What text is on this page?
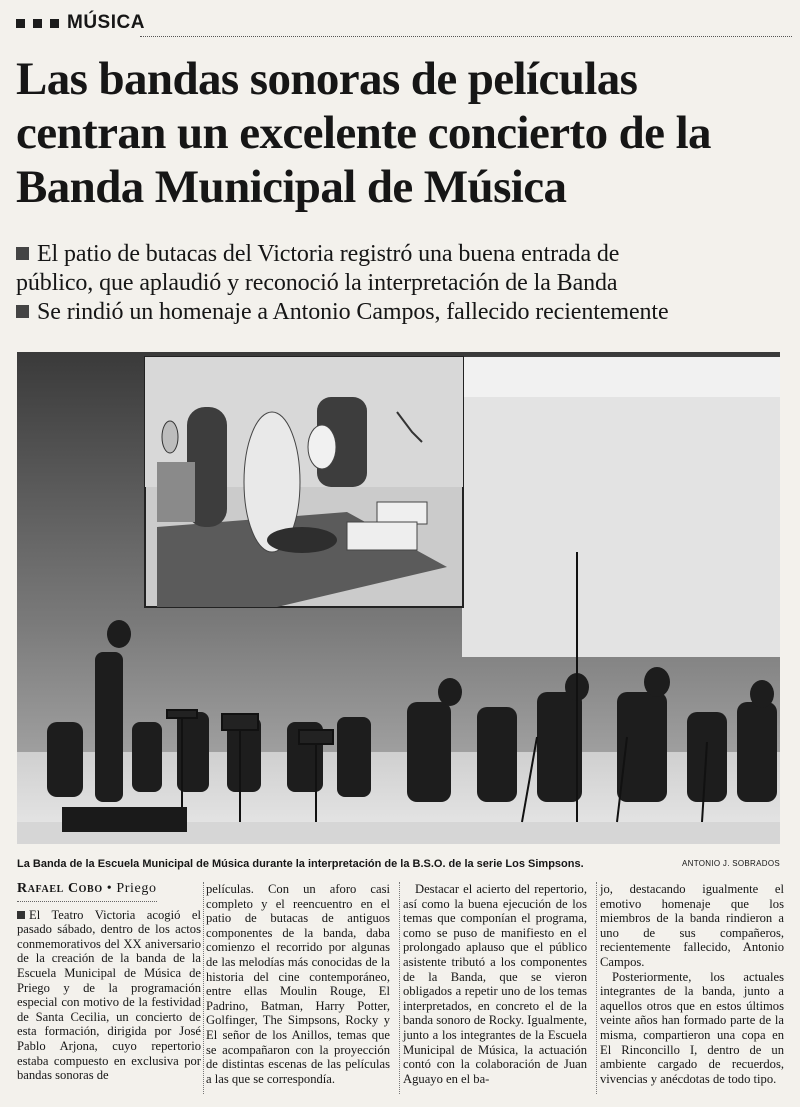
MÚSICA
Las bandas sonoras de películas
centran un excelente concierto de la
Banda Municipal de Música

El patio de butacas del Victoria registró una buena entrada de

público, que aplaudió y reconoció la interpretación de la Banda

Se rindió un homenaje a Antonio Campos, fallecido recientemente

La Banda de la Escuela Municipal de Música durante la interpretación de la B.S.O. de la serie Los Simpsons.	ANTONIO J. SOBRADOS
Rafael Cobo • Priego

El Teatro Victoria acogió el pasado sábado, dentro de los actos conmemorativos del XX aniversario de la creación de la banda de la Escuela Municipal de Música de Priego y de la programación especial con motivo de la festividad de Santa Cecilia, un concierto de esta formación, dirigida por José Pablo Arjona, cuyo repertorio estaba compuesto en exclusiva por bandas sonoras de

películas. Con un aforo casi completo y el reencuentro en el patio de butacas de antiguos componentes de la banda, daba comienzo el recorrido por algunas de las melodías más conocidas de la historia del cine contemporáneo, entre ellas Moulin Rouge, El Padrino, Batman, Harry Potter, Golfinger, The Simpsons, Rocky y El señor de los Anillos, temas que se acompañaron con la proyección de distintas escenas de las películas a las que se correspondía.

Destacar el acierto del repertorio, así como la buena ejecución de los temas que componían el programa, como se puso de manifiesto en el prolongado aplauso que el público asistente tributó a los componentes de la Banda, que se vieron obligados a repetir uno de los temas interpretados, en concreto el de la banda sonoro de Rocky. Igualmente, junto a los integrantes de la Escuela Municipal de Música, la actuación contó con la colaboración de Juan Aguayo en el ba-

jo, destacando igualmente el emotivo homenaje que los miembros de la banda rindieron a uno de sus compañeros, recientemente fallecido, Antonio Campos.

Posteriormente, los actuales integrantes de la banda, junto a aquellos otros que en estos últimos veinte años han formado parte de la misma, compartieron una copa en El Rinconcillo I, dentro de un ambiente cargado de recuerdos, vivencias y anécdotas de todo tipo.
